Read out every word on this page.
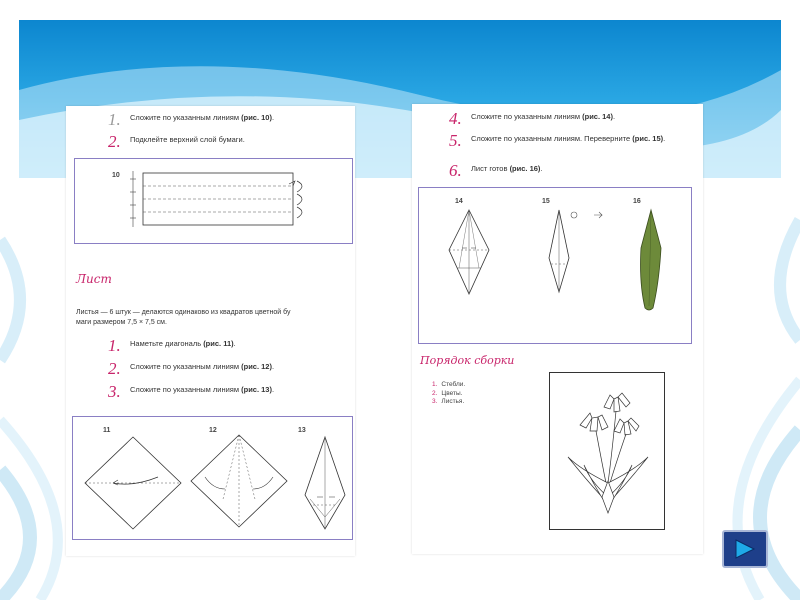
1.	Сложите по указанным линиям (рис. 10).
2.	Подклейте верхний слой бумаги.
10
Лист
Листья — 6 штук — делаются одинаково из квадратов цветной бу
маги размером 7,5 × 7,5 см.
1.	Наметьте диагональ (рис. 11).
2.	Сложите по указанным линиям (рис. 12).
3.	Сложите по указанным линиям (рис. 13).
11	12	13
4.	Сложите по указанным линиям (рис. 14).
5.	Сложите по указанным линиям. Переверните (рис. 15).
6.	Лист готов (рис. 16).
14	15	16
Порядок сборки
1. Стебли.
2. Цветы.
3. Листья.
